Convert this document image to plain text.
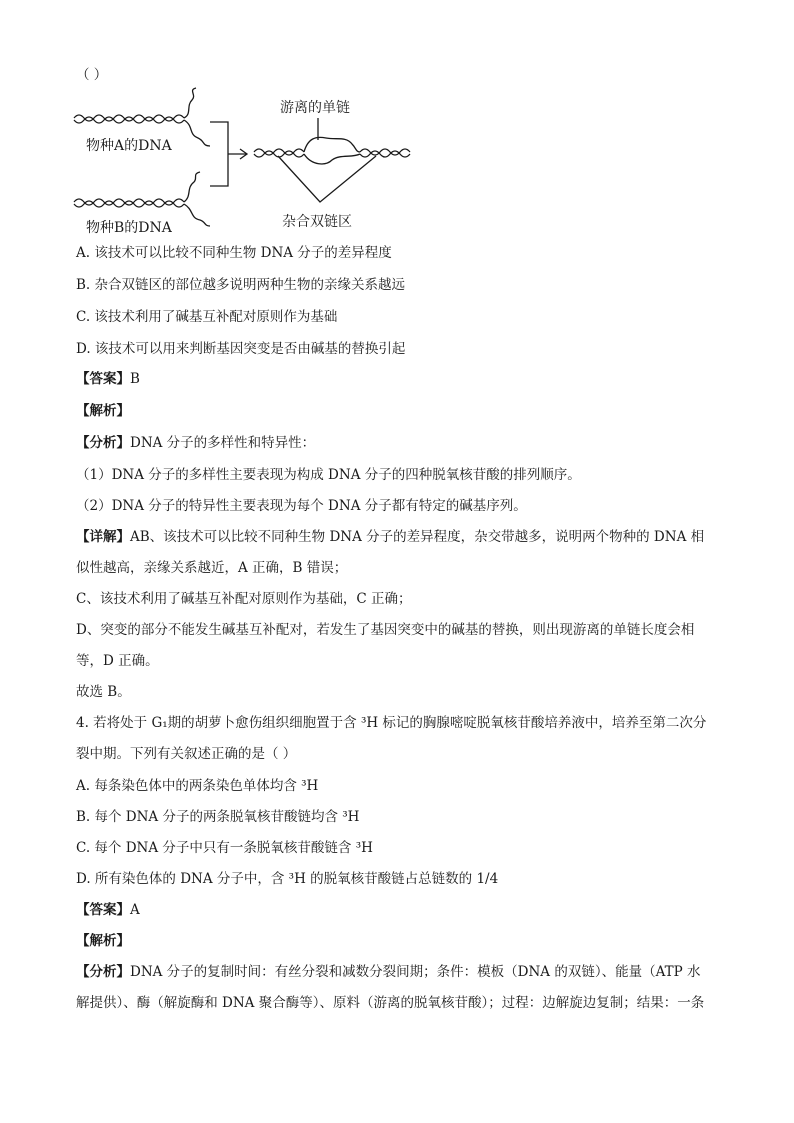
（ ）
物种A的DNA
物种B的DNA
游离的单链
杂合双链区
A. 该技术可以比较不同种生物 DNA 分子的差异程度
B. 杂合双链区的部位越多说明两种生物的亲缘关系越远
C. 该技术利用了碱基互补配对原则作为基础
D. 该技术可以用来判断基因突变是否由碱基的替换引起
【答案】B
【解析】
【分析】DNA 分子的多样性和特异性：
（1）DNA 分子的多样性主要表现为构成 DNA 分子的四种脱氧核苷酸的排列顺序。
（2）DNA 分子的特异性主要表现为每个 DNA 分子都有特定的碱基序列。
【详解】AB、该技术可以比较不同种生物 DNA 分子的差异程度，杂交带越多，说明两个物种的 DNA 相
似性越高，亲缘关系越近，A 正确，B 错误；
C、该技术利用了碱基互补配对原则作为基础，C 正确；
D、突变的部分不能发生碱基互补配对，若发生了基因突变中的碱基的替换，则出现游离的单链长度会相
等，D 正确。
故选 B。
4. 若将处于 G₁期的胡萝卜愈伤组织细胞置于含 ³H 标记的胸腺嘧啶脱氧核苷酸培养液中，培养至第二次分
裂中期。下列有关叙述正确的是（ ）
A. 每条染色体中的两条染色单体均含 ³H
B. 每个 DNA 分子的两条脱氧核苷酸链均含 ³H
C. 每个 DNA 分子中只有一条脱氧核苷酸链含 ³H
D. 所有染色体的 DNA 分子中，含 ³H 的脱氧核苷酸链占总链数的 1/4
【答案】A
【解析】
【分析】DNA 分子的复制时间：有丝分裂和减数分裂间期；条件：模板（DNA 的双链）、能量（ATP 水
解提供）、酶（解旋酶和 DNA 聚合酶等）、原料（游离的脱氧核苷酸）；过程：边解旋边复制；结果：一条
